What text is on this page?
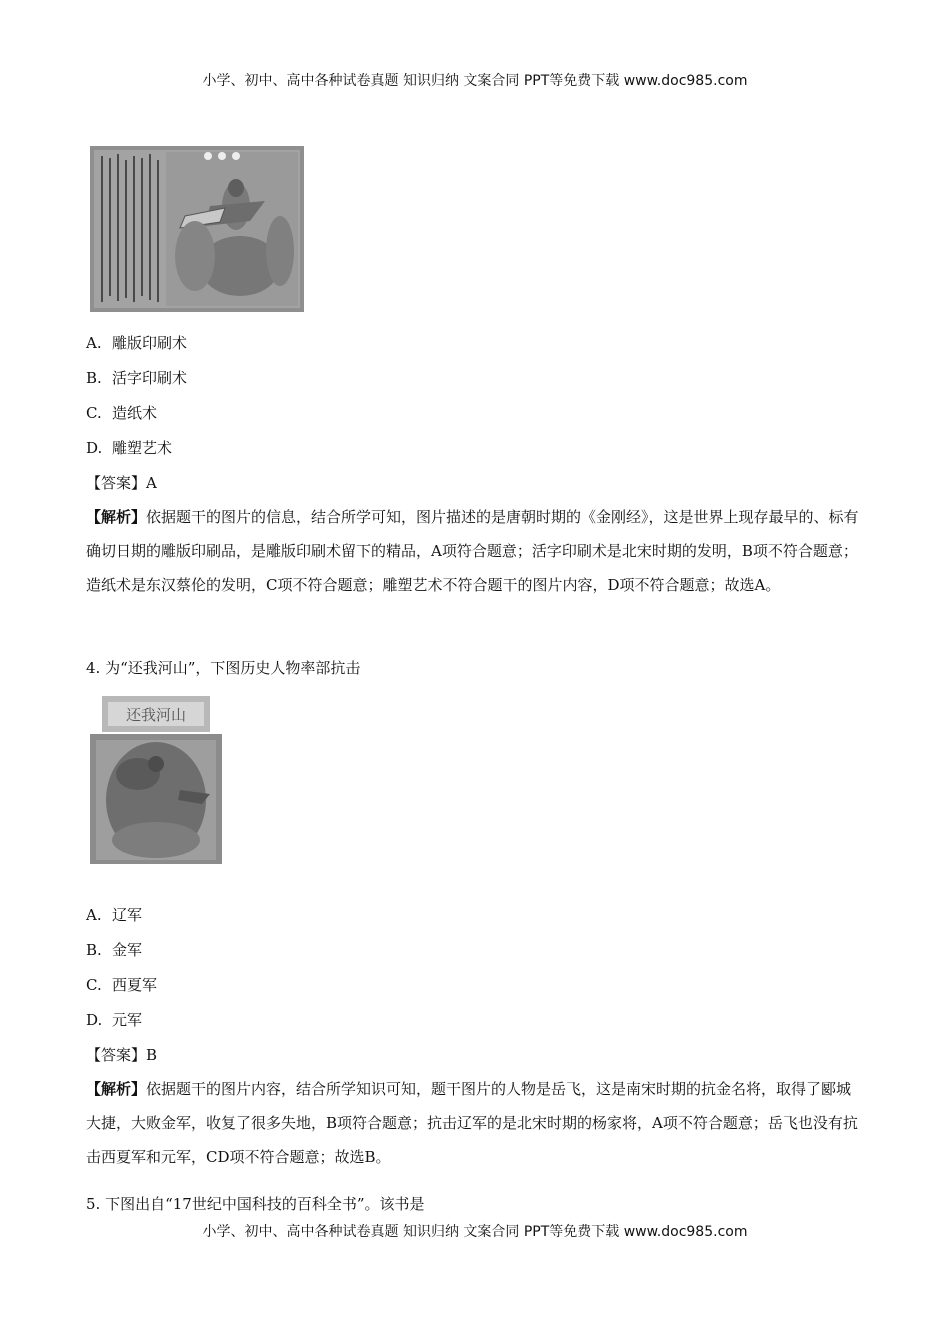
小学、初中、高中各种试卷真题 知识归纳 文案合同 PPT等免费下载 www.doc985.com
A. 雕版印刷术
B. 活字印刷术
C. 造纸术
D. 雕塑艺术
【答案】A
【解析】依据题干的图片的信息，结合所学可知，图片描述的是唐朝时期的《金刚经》，这是世界上现存最早的、标有确切日期的雕版印刷品，是雕版印刷术留下的精品，A项符合题意；活字印刷术是北宋时期的发明，B项不符合题意；造纸术是东汉蔡伦的发明，C项不符合题意；雕塑艺术不符合题干的图片内容，D项不符合题意；故选A。
4. 为“还我河山”，下图历史人物率部抗击
还我河山
A. 辽军
B. 金军
C. 西夏军
D. 元军
【答案】B
【解析】依据题干的图片内容，结合所学知识可知，题干图片的人物是岳飞，这是南宋时期的抗金名将，取得了郾城大捷，大败金军，收复了很多失地，B项符合题意；抗击辽军的是北宋时期的杨家将，A项不符合题意；岳飞也没有抗击西夏军和元军，CD项不符合题意；故选B。
5. 下图出自“17世纪中国科技的百科全书”。该书是
小学、初中、高中各种试卷真题 知识归纳 文案合同 PPT等免费下载 www.doc985.com
